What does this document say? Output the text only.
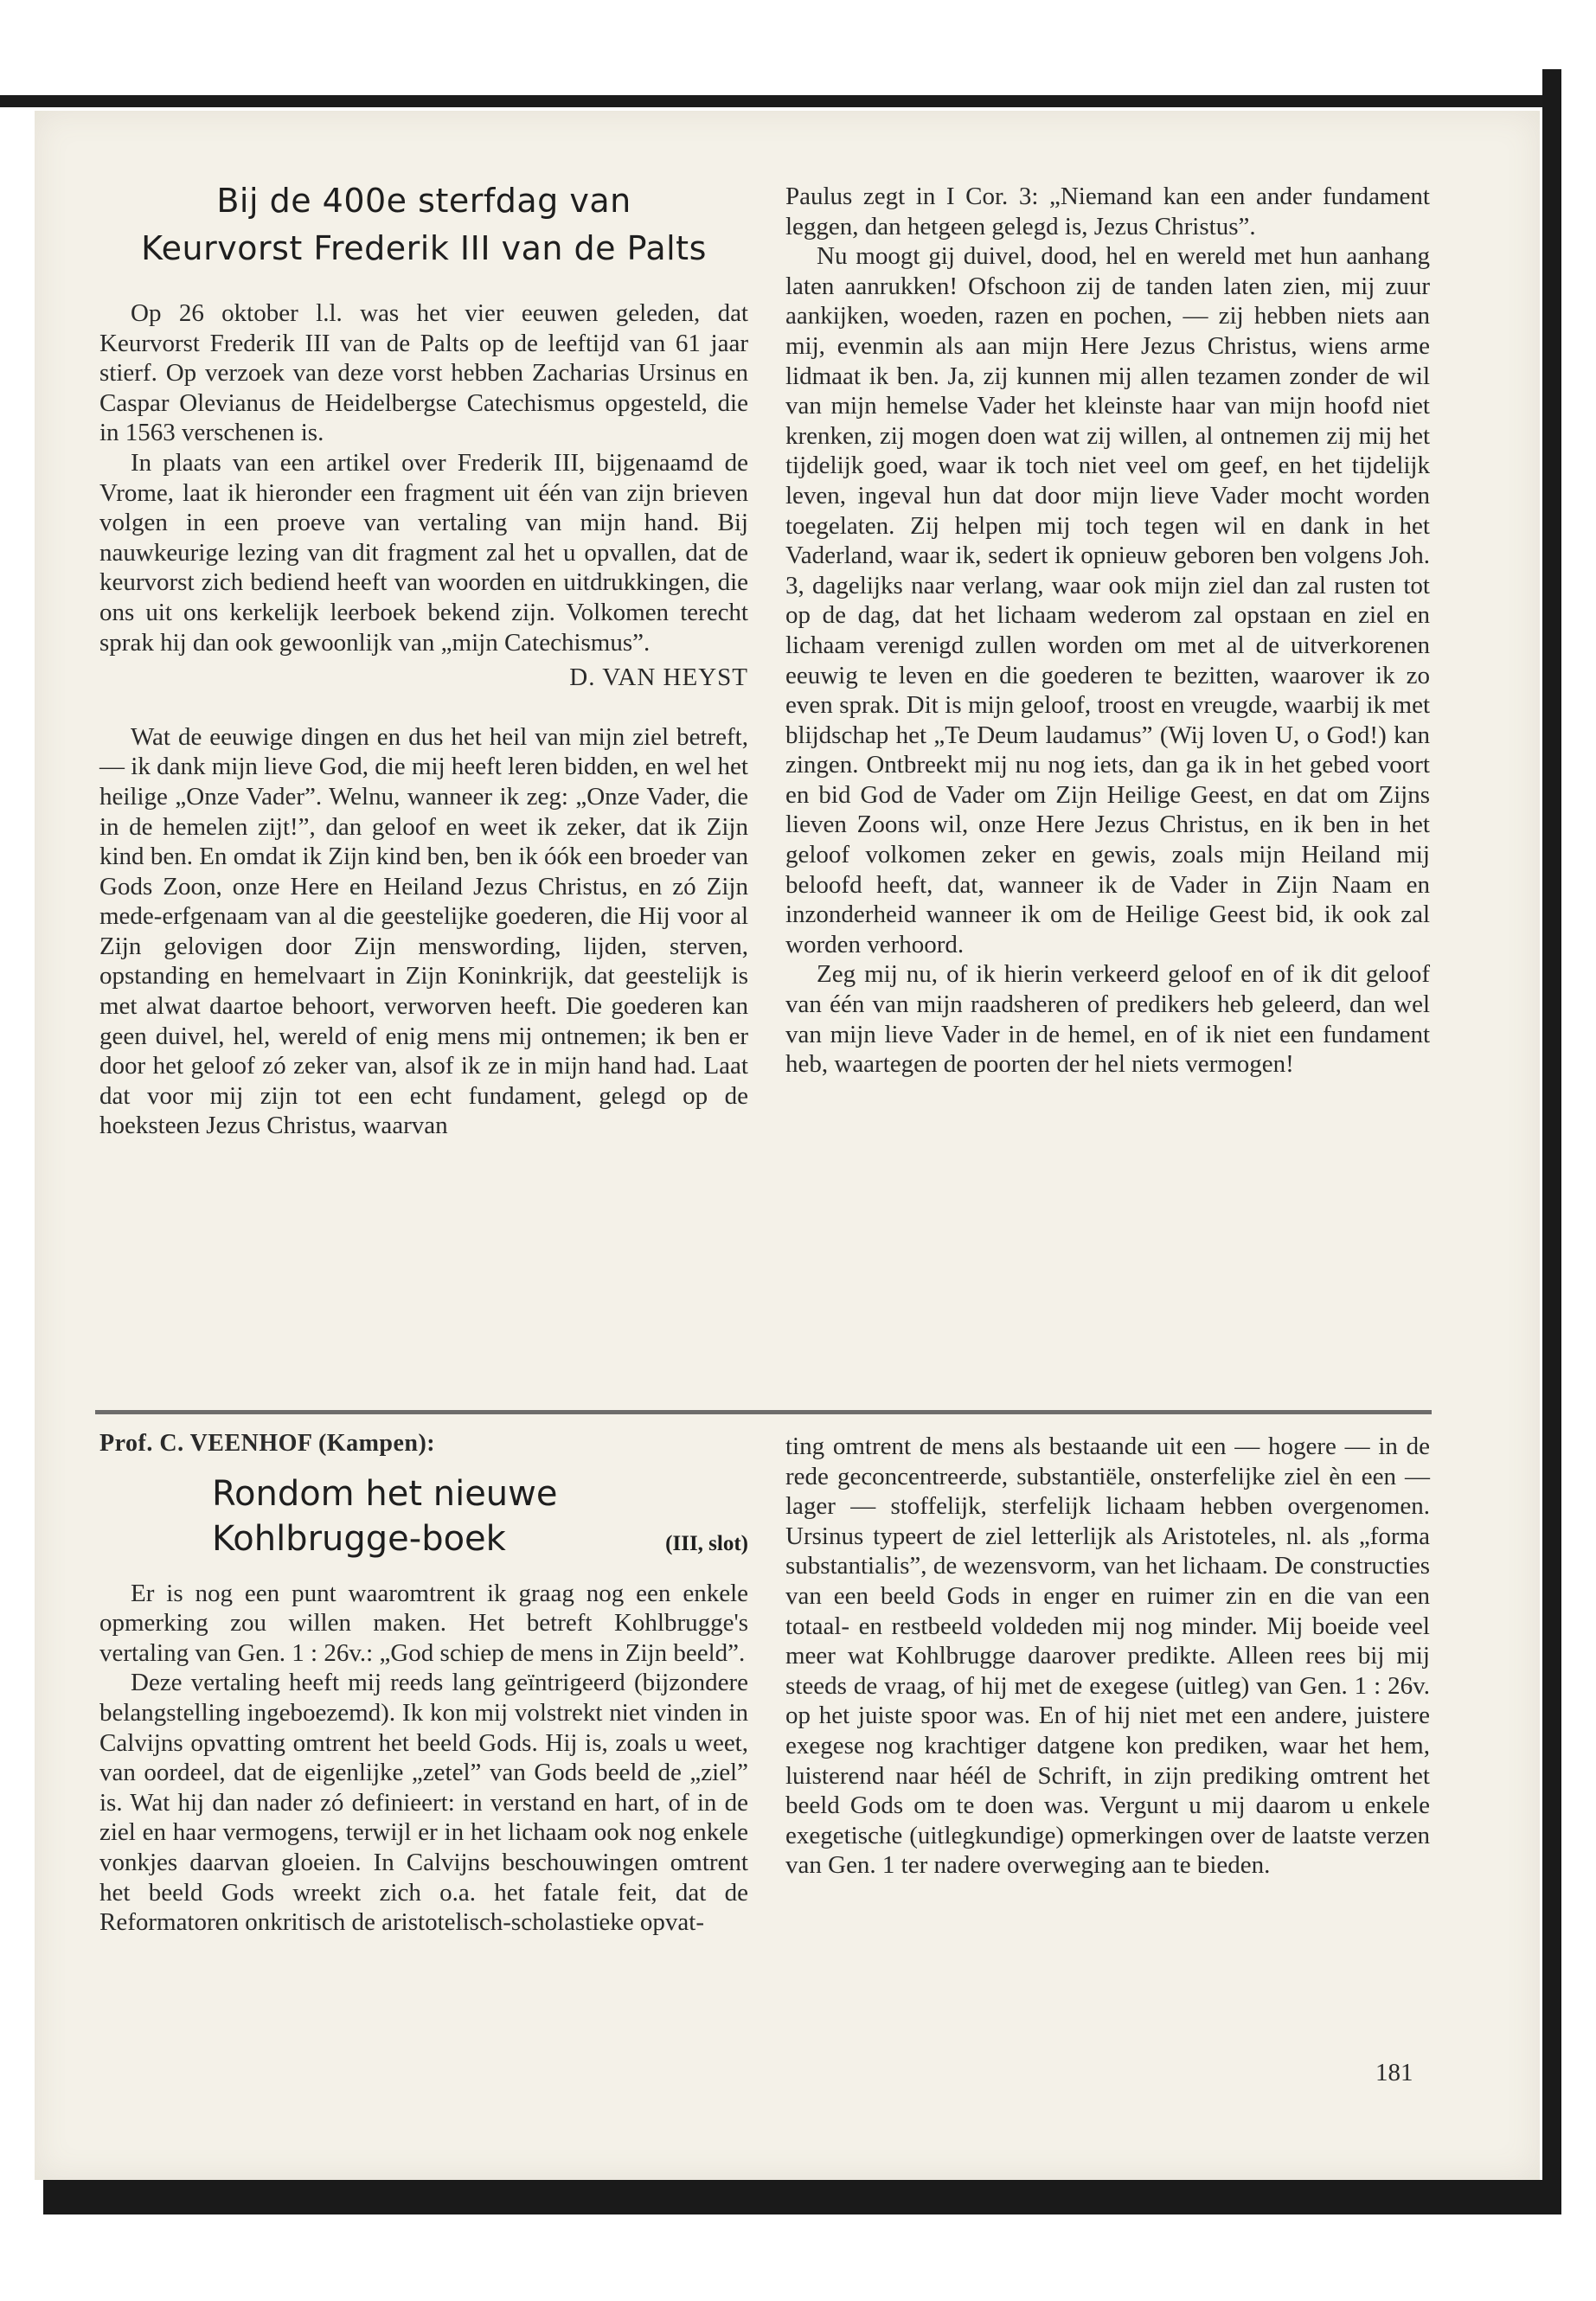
Bij de 400e sterfdag van
Keurvorst Frederik III van de Palts

Op 26 oktober l.l. was het vier eeuwen geleden, dat Keurvorst Frederik III van de Palts op de leeftijd van 61 jaar stierf. Op verzoek van deze vorst hebben Zacharias Ursinus en Caspar Olevianus de Heidelbergse Catechismus opgesteld, die in 1563 verschenen is.

In plaats van een artikel over Frederik III, bijgenaamd de Vrome, laat ik hieronder een fragment uit één van zijn brieven volgen in een proeve van vertaling van mijn hand. Bij nauwkeurige lezing van dit fragment zal het u opvallen, dat de keurvorst zich bediend heeft van woorden en uitdrukkingen, die ons uit ons kerkelijk leerboek bekend zijn. Volkomen terecht sprak hij dan ook gewoonlijk van „mijn Catechismus”.

D. VAN HEYST

Wat de eeuwige dingen en dus het heil van mijn ziel betreft, — ik dank mijn lieve God, die mij heeft leren bidden, en wel het heilige „Onze Vader”. Welnu, wanneer ik zeg: „Onze Vader, die in de hemelen zijt!”, dan geloof en weet ik zeker, dat ik Zijn kind ben. En omdat ik Zijn kind ben, ben ik óók een broeder van Gods Zoon, onze Here en Heiland Jezus Christus, en zó Zijn mede-erfgenaam van al die geestelijke goederen, die Hij voor al Zijn gelovigen door Zijn menswording, lijden, sterven, opstanding en hemelvaart in Zijn Koninkrijk, dat geestelijk is met alwat daartoe behoort, verworven heeft. Die goederen kan geen duivel, hel, wereld of enig mens mij ontnemen; ik ben er door het geloof zó zeker van, alsof ik ze in mijn hand had. Laat dat voor mij zijn tot een echt fundament, gelegd op de hoeksteen Jezus Christus, waarvan

Paulus zegt in I Cor. 3: „Niemand kan een ander fundament leggen, dan hetgeen gelegd is, Jezus Christus”.

Nu moogt gij duivel, dood, hel en wereld met hun aanhang laten aanrukken! Ofschoon zij de tanden laten zien, mij zuur aankijken, woeden, razen en pochen, — zij hebben niets aan mij, evenmin als aan mijn Here Jezus Christus, wiens arme lidmaat ik ben. Ja, zij kunnen mij allen tezamen zonder de wil van mijn hemelse Vader het kleinste haar van mijn hoofd niet krenken, zij mogen doen wat zij willen, al ontnemen zij mij het tijdelijk goed, waar ik toch niet veel om geef, en het tijdelijk leven, ingeval hun dat door mijn lieve Vader mocht worden toegelaten. Zij helpen mij toch tegen wil en dank in het Vaderland, waar ik, sedert ik opnieuw geboren ben volgens Joh. 3, dagelijks naar verlang, waar ook mijn ziel dan zal rusten tot op de dag, dat het lichaam wederom zal opstaan en ziel en lichaam verenigd zullen worden om met al de uitverkorenen eeuwig te leven en die goederen te bezitten, waarover ik zo even sprak. Dit is mijn geloof, troost en vreugde, waarbij ik met blijdschap het „Te Deum laudamus” (Wij loven U, o God!) kan zingen. Ontbreekt mij nu nog iets, dan ga ik in het gebed voort en bid God de Vader om Zijn Heilige Geest, en dat om Zijns lieven Zoons wil, onze Here Jezus Christus, en ik ben in het geloof volkomen zeker en gewis, zoals mijn Heiland mij beloofd heeft, dat, wanneer ik de Vader in Zijn Naam en inzonderheid wanneer ik om de Heilige Geest bid, ik ook zal worden verhoord.

Zeg mij nu, of ik hierin verkeerd geloof en of ik dit geloof van één van mijn raadsheren of predikers heb geleerd, dan wel van mijn lieve Vader in de hemel, en of ik niet een fundament heb, waartegen de poorten der hel niets vermogen!

Prof. C. VEENHOF (Kampen):
Rondom het nieuwe
Kohlbrugge-boek	(III, slot)

Er is nog een punt waaromtrent ik graag nog een enkele opmerking zou willen maken. Het betreft Kohlbrugge's vertaling van Gen. 1 : 26v.: „God schiep de mens in Zijn beeld”.

Deze vertaling heeft mij reeds lang geïntrigeerd (bijzondere belangstelling ingeboezemd). Ik kon mij volstrekt niet vinden in Calvijns opvatting omtrent het beeld Gods. Hij is, zoals u weet, van oordeel, dat de eigenlijke „zetel” van Gods beeld de „ziel” is. Wat hij dan nader zó definieert: in verstand en hart, of in de ziel en haar vermogens, terwijl er in het lichaam ook nog enkele vonkjes daarvan gloeien. In Calvijns beschouwingen omtrent het beeld Gods wreekt zich o.a. het fatale feit, dat de Reformatoren onkritisch de aristotelisch-scholastieke opvat-

ting omtrent de mens als bestaande uit een — hogere — in de rede geconcentreerde, substantiële, onsterfelijke ziel èn een — lager — stoffelijk, sterfelijk lichaam hebben overgenomen. Ursinus typeert de ziel letterlijk als Aristoteles, nl. als „forma substantialis”, de wezensvorm, van het lichaam. De constructies van een beeld Gods in enger en ruimer zin en die van een totaal- en restbeeld voldeden mij nog minder. Mij boeide veel meer wat Kohlbrugge daarover predikte. Alleen rees bij mij steeds de vraag, of hij met de exegese (uitleg) van Gen. 1 : 26v. op het juiste spoor was. En of hij niet met een andere, juistere exegese nog krachtiger datgene kon prediken, waar het hem, luisterend naar héél de Schrift, in zijn prediking omtrent het beeld Gods om te doen was. Vergunt u mij daarom u enkele exegetische (uitlegkundige) opmerkingen over de laatste verzen van Gen. 1 ter nadere overweging aan te bieden.

181
